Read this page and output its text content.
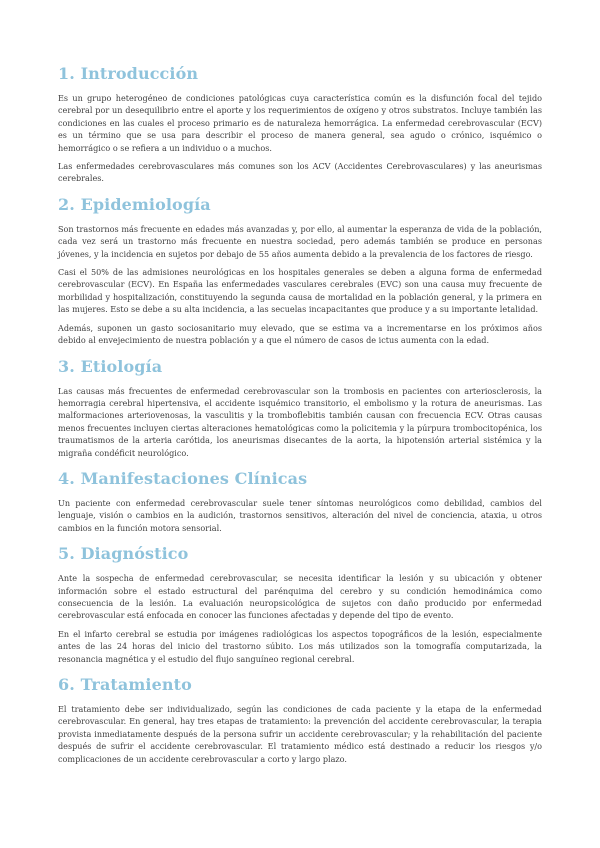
1. Introducción

Es un grupo heterogéneo de condiciones patológicas cuya característica común es la disfunción focal del tejido cerebral por un desequilibrio entre el aporte y los requerimientos de oxígeno y otros substratos. Incluye también las condiciones en las cuales el proceso primario es de naturaleza hemorrágica. La enfermedad cerebrovascular (ECV) es un término que se usa para describir el proceso de manera general, sea agudo o crónico, isquémico o hemorrágico o se refiera a un individuo o a muchos.

Las enfermedades cerebrovasculares más comunes son los ACV (Accidentes Cerebrovasculares) y las aneurismas cerebrales.

2. Epidemiología

Son trastornos más frecuente en edades más avanzadas y, por ello, al aumentar la esperanza de vida de la población, cada vez será un trastorno más frecuente en nuestra sociedad, pero además también se produce en personas jóvenes, y la incidencia en sujetos por debajo de 55 años aumenta debido a la prevalencia de los factores de riesgo.

Casi el 50% de las admisiones neurológicas en los hospitales generales se deben a alguna forma de enfermedad cerebrovascular (ECV). En España las enfermedades vasculares cerebrales (EVC) son una causa muy frecuente de morbilidad y hospitalización, constituyendo la segunda causa de mortalidad en la población general, y la primera en las mujeres. Esto se debe a su alta incidencia, a las secuelas incapacitantes que produce y a su importante letalidad.

Además, suponen un gasto sociosanitario muy elevado, que se estima va a incrementarse en los próximos años debido al envejecimiento de nuestra población y a que el número de casos de ictus aumenta con la edad.

3. Etiología

Las causas más frecuentes de enfermedad cerebrovascular son la trombosis en pacientes con arteriosclerosis, la hemorragia cerebral hipertensiva, el accidente isquémico transitorio, el embolismo y la rotura de aneurismas. Las malformaciones arteriovenosas, la vasculitis y la tromboflebitis también causan con frecuencia ECV. Otras causas menos frecuentes incluyen ciertas alteraciones hematológicas como la policitemia y la púrpura trombocitopénica, los traumatismos de la arteria carótida, los aneurismas disecantes de la aorta, la hipotensión arterial sistémica y la migraña condéficit neurológico.

4. Manifestaciones Clínicas

Un paciente con enfermedad cerebrovascular suele tener síntomas neurológicos como debilidad, cambios del lenguaje, visión o cambios en la audición, trastornos sensitivos, alteración del nivel de conciencia, ataxia, u otros cambios en la función motora sensorial.

5. Diagnóstico

Ante la sospecha de enfermedad cerebrovascular, se necesita identificar la lesión y su ubicación y obtener información sobre el estado estructural del parénquima del cerebro y su condición hemodinámica como consecuencia de la lesión. La evaluación neuropsicológica de sujetos con daño producido por enfermedad cerebrovascular está enfocada en conocer las funciones afectadas y depende del tipo de evento.

En el infarto cerebral se estudia por imágenes radiológicas los aspectos topográficos de la lesión, especialmente antes de las 24 horas del inicio del trastorno súbito. Los más utilizados son la tomografía computarizada, la resonancia magnética y el estudio del flujo sanguíneo regional cerebral.

6. Tratamiento

El tratamiento debe ser individualizado, según las condiciones de cada paciente y la etapa de la enfermedad cerebrovascular. En general, hay tres etapas de tratamiento: la prevención del accidente cerebrovascular, la terapia provista inmediatamente después de la persona sufrir un accidente cerebrovascular; y la rehabilitación del paciente después de sufrir el accidente cerebrovascular. El tratamiento médico está destinado a reducir los riesgos y/o complicaciones de un accidente cerebrovascular a corto y largo plazo.
